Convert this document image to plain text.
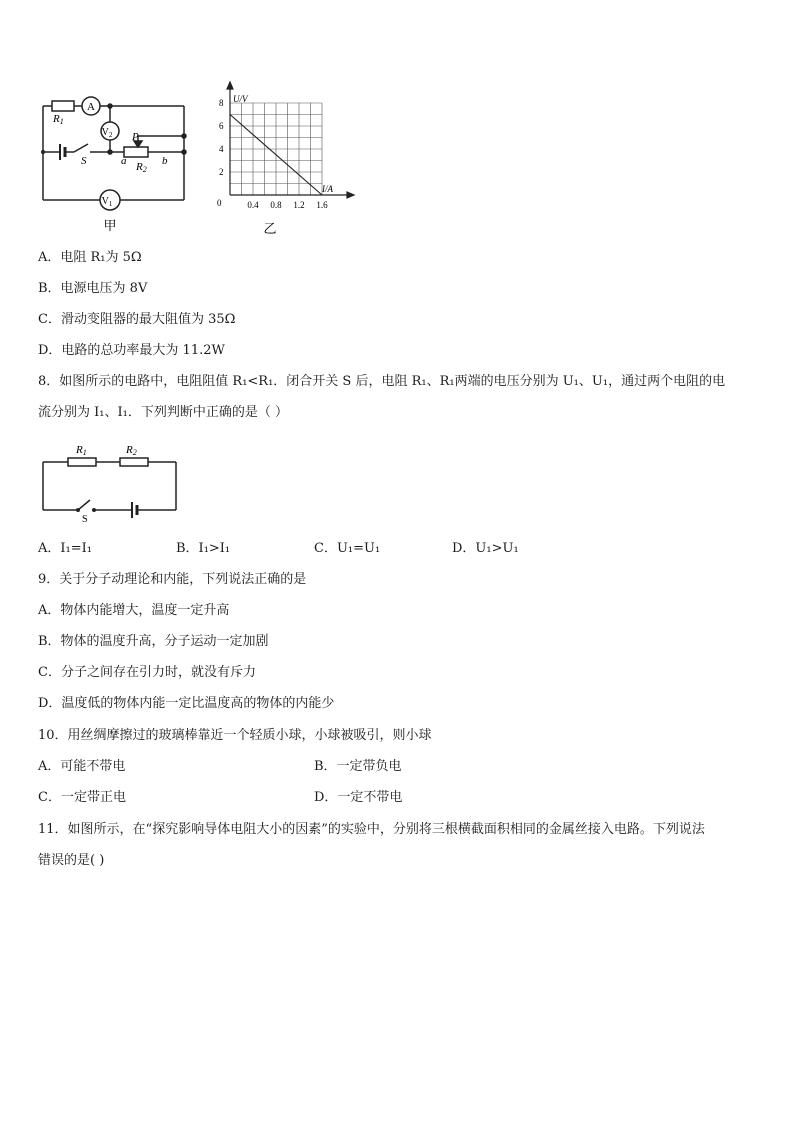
R1
A
$V_2$
$V_1$
P
S	a R2
b
甲
2
4
6
8
0.4 0.8 1.2 1.6
U/V
I/A
0
乙
A．电阻 R₁为 5Ω
B．电源电压为 8V
C．滑动变阻器的最大阻值为 35Ω
D．电路的总功率最大为 11.2W
8．如图所示的电路中，电阻阻值 R₁<R₁．闭合开关 S 后，电阻 R₁、R₁两端的电压分别为 U₁、U₁，通过两个电阻的电
流分别为 I₁、I₁．下列判断中正确的是（ ）
R1	R2
S
A．I₁=I₁	B．I₁>I₁	C．U₁=U₁	D．U₁>U₁
9．关于分子动理论和内能，下列说法正确的是
A．物体内能增大，温度一定升高
B．物体的温度升高，分子运动一定加剧
C．分子之间存在引力时，就没有斥力
D．温度低的物体内能一定比温度高的物体的内能少
10．用丝绸摩擦过的玻璃棒靠近一个轻质小球，小球被吸引，则小球
A．可能不带电	B．一定带负电
C．一定带正电	D．一定不带电
11．如图所示，在“探究影响导体电阻大小的因素”的实验中，分别将三根横截面积相同的金属丝接入电路。下列说法
错误的是( )
